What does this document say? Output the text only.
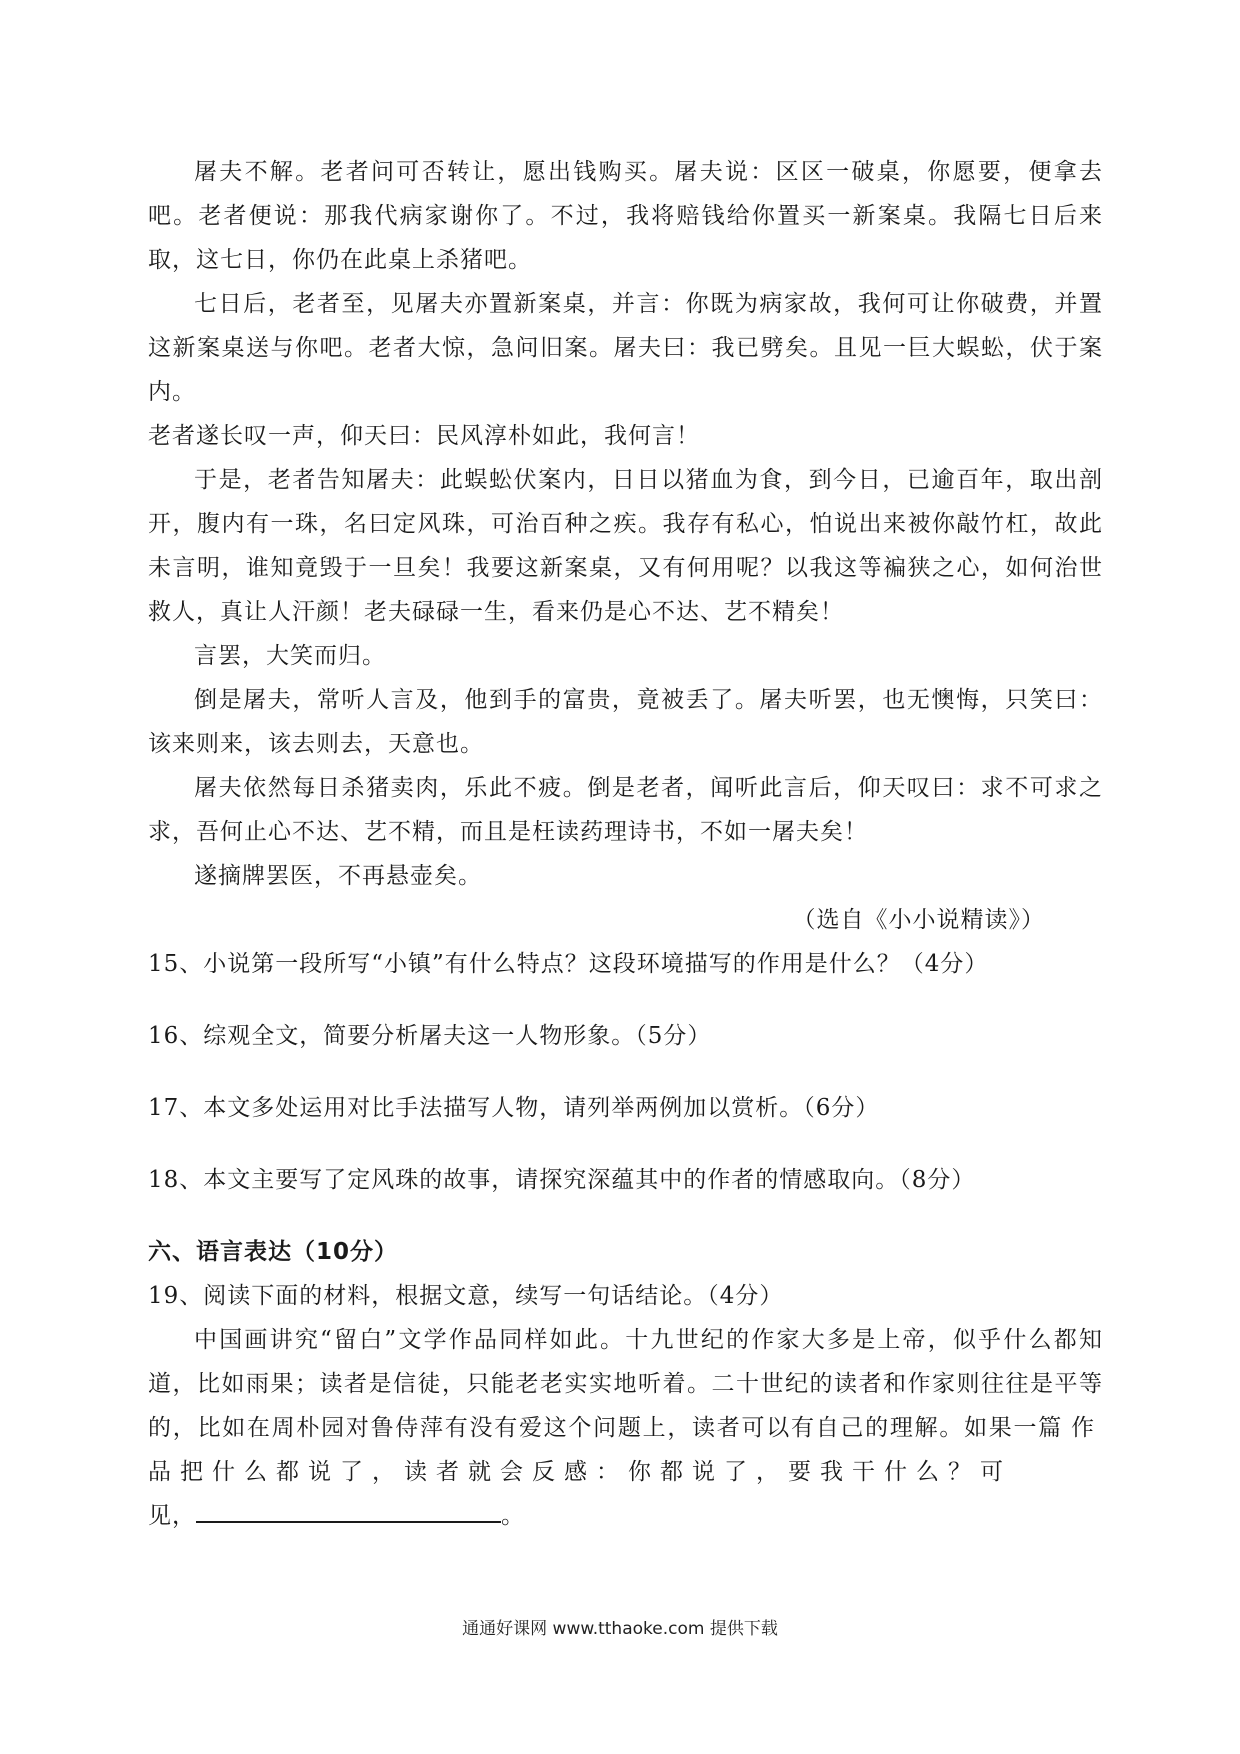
屠夫不解。老者问可否转让，愿出钱购买。屠夫说：区区一破桌，你愿要，便拿去吧。老者便说：那我代病家谢你了。不过，我将赔钱给你置买一新案桌。我隔七日后来取，这七日，你仍在此桌上杀猪吧。

七日后，老者至，见屠夫亦置新案桌，并言：你既为病家故，我何可让你破费，并置这新案桌送与你吧。老者大惊，急问旧案。屠夫曰：我已劈矣。且见一巨大蜈蚣，伏于案内。

老者遂长叹一声，仰天曰：民风淳朴如此，我何言！

于是，老者告知屠夫：此蜈蚣伏案内，日日以猪血为食，到今日，已逾百年，取出剖开，腹内有一珠，名曰定风珠，可治百种之疾。我存有私心，怕说出来被你敲竹杠，故此未言明，谁知竟毁于一旦矣！我要这新案桌，又有何用呢？以我这等褊狭之心，如何治世救人，真让人汗颜！老夫碌碌一生，看来仍是心不达、艺不精矣！

言罢，大笑而归。

倒是屠夫，常听人言及，他到手的富贵，竟被丢了。屠夫听罢，也无懊悔，只笑曰：该来则来，该去则去，天意也。

屠夫依然每日杀猪卖肉，乐此不疲。倒是老者，闻听此言后，仰天叹曰：求不可求之求，吾何止心不达、艺不精，而且是枉读药理诗书，不如一屠夫矣！

遂摘牌罢医，不再悬壶矣。

（选自《小小说精读》）

15、小说第一段所写“小镇”有什么特点？这段环境描写的作用是什么？（4分）

16、综观全文，简要分析屠夫这一人物形象。（5分）

17、本文多处运用对比手法描写人物，请列举两例加以赏析。（6分）

18、本文主要写了定风珠的故事，请探究深蕴其中的作者的情感取向。（8分）

六、语言表达（10分）

19、阅读下面的材料，根据文意，续写一句话结论。（4分）

中国画讲究“留白”文学作品同样如此。十九世纪的作家大多是上帝，似乎什么都知道，比如雨果；读者是信徒，只能老老实实地听着。二十世纪的读者和作家则往往是平等的，比如在周朴园对鲁侍萍有没有爱这个问题上，读者可以有自己的理解。如果一篇作品把什么都说了，读者就会反感：你都说了，要我干什么？可

见，	。

通通好课网 www.tthaoke.com 提供下载
